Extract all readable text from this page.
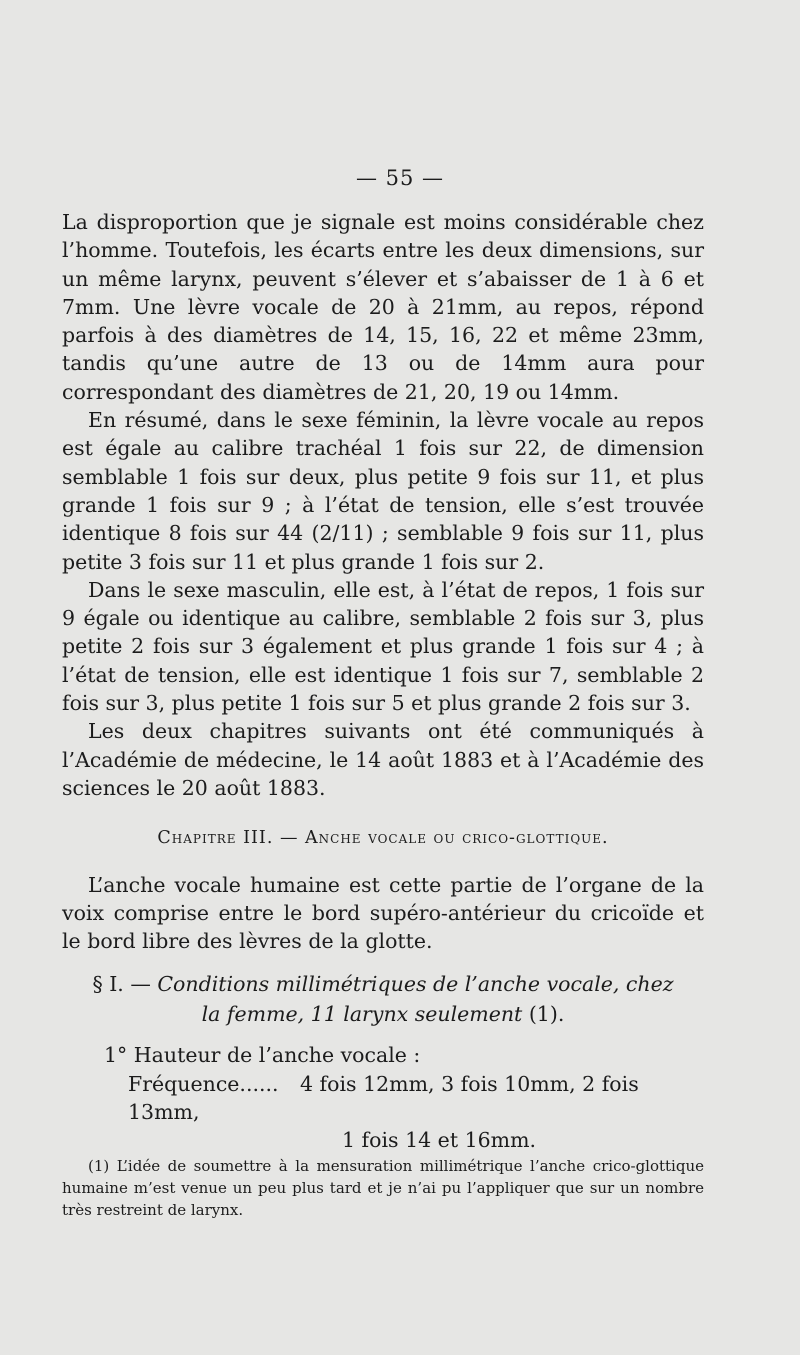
— 55 —

La disproportion que je signale est moins considérable chez l’homme. Toutefois, les écarts entre les deux dimensions, sur un même larynx, peuvent s’élever et s’abaisser de 1 à 6 et 7mm. Une lèvre vocale de 20 à 21mm, au repos, répond parfois à des diamètres de 14, 15, 16, 22 et même 23mm, tandis qu’une autre de 13 ou de 14mm aura pour correspondant des diamètres de 21, 20, 19 ou 14mm.

En résumé, dans le sexe féminin, la lèvre vocale au repos est égale au calibre trachéal 1 fois sur 22, de dimension semblable 1 fois sur deux, plus petite 9 fois sur 11, et plus grande 1 fois sur 9 ; à l’état de tension, elle s’est trouvée identique 8 fois sur 44 (2/11) ; semblable 9 fois sur 11, plus petite 3 fois sur 11 et plus grande 1 fois sur 2.

Dans le sexe masculin, elle est, à l’état de repos, 1 fois sur 9 égale ou identique au calibre, semblable 2 fois sur 3, plus petite 2 fois sur 3 également et plus grande 1 fois sur 4 ; à l’état de tension, elle est identique 1 fois sur 7, semblable 2 fois sur 3, plus petite 1 fois sur 5 et plus grande 2 fois sur 3.

Les deux chapitres suivants ont été communiqués à l’Académie de médecine, le 14 août 1883 et à l’Académie des sciences le 20 août 1883.

Chapitre III. — Anche vocale ou crico-glottique.

L’anche vocale humaine est cette partie de l’organe de la voix comprise entre le bord supéro-antérieur du cricoïde et le bord libre des lèvres de la glotte.

§ I. — Conditions millimétriques de l’anche vocale, chez
la femme, 11 larynx seulement (1).
1° Hauteur de l’anche vocale :
Fréquence...... 4 fois 12mm, 3 fois 10mm, 2 fois 13mm,
1 fois 14 et 16mm.

(1) L’idée de soumettre à la mensuration millimétrique l’anche crico-glottique humaine m’est venue un peu plus tard et je n’ai pu l’appliquer que sur un nombre très restreint de larynx.
